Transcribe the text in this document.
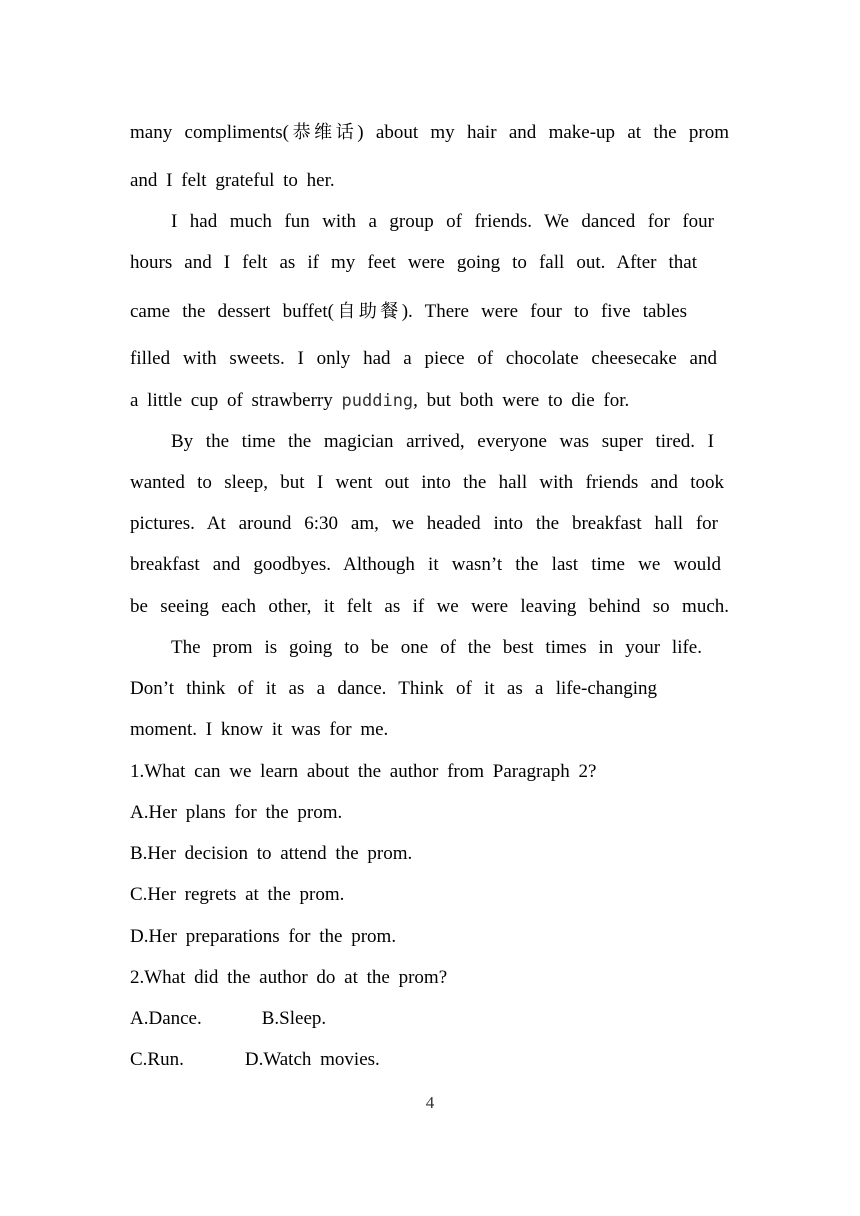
many compliments(恭维话) about my hair and make-up at the prom
and I felt grateful to her.
I had much fun with a group of friends. We danced for four
hours and I felt as if my feet were going to fall out. After that
came the dessert buffet(自助餐). There were four to five tables
filled with sweets. I only had a piece of chocolate cheesecake and
a little cup of strawberry pudding, but both were to die for.
By the time the magician arrived, everyone was super tired. I
wanted to sleep, but I went out into the hall with friends and took
pictures. At around 6:30 am, we headed into the breakfast hall for
breakfast and goodbyes. Although it wasn’t the last time we would
be seeing each other, it felt as if we were leaving behind so much.
The prom is going to be one of the best times in your life.
Don’t think of it as a dance. Think of it as a life-changing
moment. I know it was for me.
1.What can we learn about the author from Paragraph 2?
A.Her plans for the prom.
B.Her decision to attend the prom.
C.Her regrets at the prom.
D.Her preparations for the prom.
2.What did the author do at the prom?
A.Dance.	B.Sleep.
C.Run.	D.Watch movies.
4
